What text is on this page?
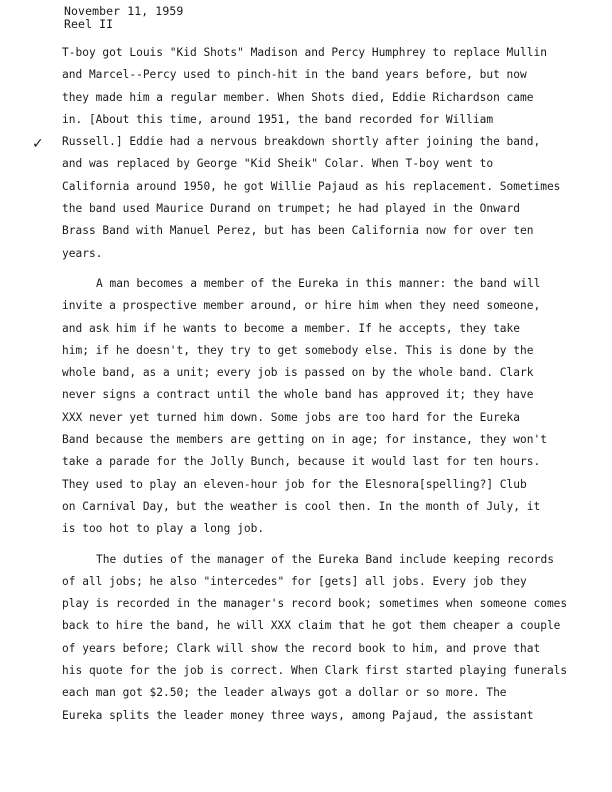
November 11, 1959
Reel II
✓
T-boy got Louis "Kid Shots" Madison and Percy Humphrey to replace Mullin
and Marcel--Percy used to pinch-hit in the band years before, but now
they made him a regular member. When Shots died, Eddie Richardson came
in. [About this time, around 1951, the band recorded for William
Russell.] Eddie had a nervous breakdown shortly after joining the band,
and was replaced by George "Kid Sheik" Colar. When T-boy went to
California around 1950, he got Willie Pajaud as his replacement. Sometimes
the band used Maurice Durand on trumpet; he had played in the Onward
Brass Band with Manuel Perez, but has been California now for over ten
years.
A man becomes a member of the Eureka in this manner: the band will
invite a prospective member around, or hire him when they need someone,
and ask him if he wants to become a member. If he accepts, they take
him; if he doesn't, they try to get somebody else. This is done by the
whole band, as a unit; every job is passed on by the whole band. Clark
never signs a contract until the whole band has approved it; they have
XXX never yet turned him down. Some jobs are too hard for the Eureka
Band because the members are getting on in age; for instance, they won't
take a parade for the Jolly Bunch, because it would last for ten hours.
They used to play an eleven-hour job for the Elesnora[spelling?] Club
on Carnival Day, but the weather is cool then. In the month of July, it
is too hot to play a long job.
The duties of the manager of the Eureka Band include keeping records
of all jobs; he also "intercedes" for [gets] all jobs. Every job they
play is recorded in the manager's record book; sometimes when someone comes
back to hire the band, he will XXX claim that he got them cheaper a couple
of years before; Clark will show the record book to him, and prove that
his quote for the job is correct. When Clark first started playing funerals
each man got $2.50; the leader always got a dollar or so more. The
Eureka splits the leader money three ways, among Pajaud, the assistant
